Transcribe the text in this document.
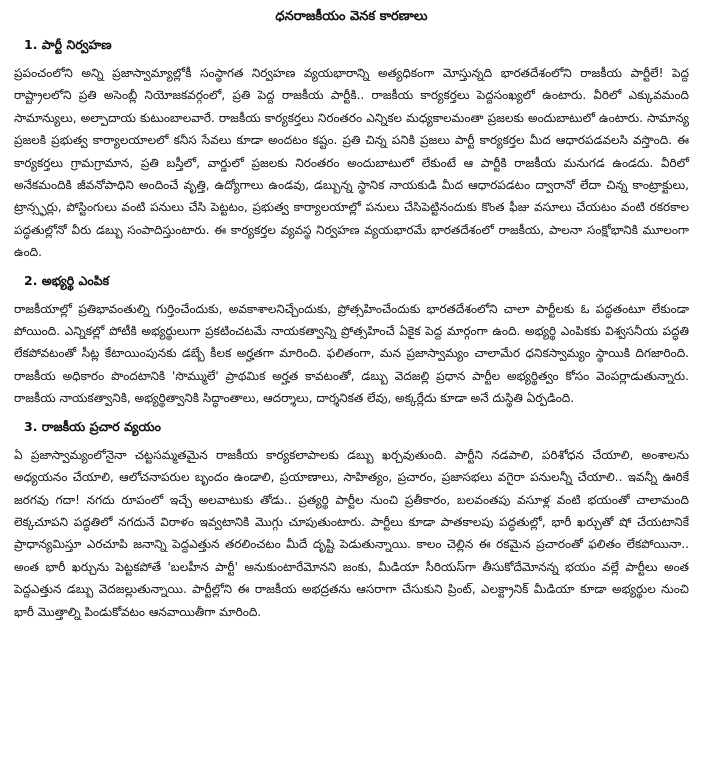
ధనరాజకీయం వెనక కారణాలు
1. పార్టీ నిర్వహణ

ప్రపంచంలోని అన్ని ప్రజాస్వామ్యాల్లోకీ సంస్థాగత నిర్వహణ వ్యయభారాన్ని అత్యధికంగా మోస్తున్నది భారతదేశంలోని రాజకీయ పార్టీలే! పెద్ద రాష్ట్రాలలోని ప్రతి అసెంబ్లీ నియోజకవర్గంలో, ప్రతి పెద్ద రాజకీయ పార్టీకి.. రాజకీయ కార్యకర్తలు పెద్దసంఖ్యలో ఉంటారు. వీరిలో ఎక్కువమంది సామాన్యులు, అల్పాదాయ కుటుంబాలవారే. రాజకీయ కార్యకర్తలు నిరంతరం ఎన్నికల మధ్యకాలమంతా ప్రజలకు అందుబాటులో ఉంటారు. సామాన్య ప్రజలకి ప్రభుత్వ కార్యాలయాలలో కనీస సేవలు కూడా అందటం కష్టం. ప్రతి చిన్న పనికి ప్రజలు పార్టీ కార్యకర్తల మీద ఆధారపడవలసి వస్తొంది. ఈ కార్యకర్తలు గ్రామగ్రామాన, ప్రతి బస్తీలో, వార్డులో ప్రజలకు నిరంతరం అందుబాటులో లేకుంటే ఆ పార్టీకి రాజకీయ మనుగడ ఉండదు. వీరిలో అనేకమందికి జీవనోపాధిని అందించే వృత్తి, ఉద్యోగాలు ఉండవు, డబ్బున్న స్థానిక నాయకుడి మీద ఆధారపడటం ద్వారానో లేదా చిన్న కాంట్రాక్టులు, ట్రాన్స్ఫర్లు, పోస్టింగులు వంటి పనులు చేసి పెట్టటం, ప్రభుత్వ కార్యాలయాల్లో పనులు చేసిపెట్టినందుకు కొంత ఫీజు వసూలు చేయటం వంటి రకరకాల పద్ధతుల్లోనో వీరు డబ్బు సంపాదిస్తుంటారు. ఈ కార్యకర్తల వ్యవస్థ నిర్వహణ వ్యయభారమే భారతదేశంలో రాజకీయ, పాలనా సంక్షోభానికి మూలంగా ఉంది.

2. అభ్యర్థి ఎంపిక

రాజకీయాల్లో ప్రతిభావంతుల్ని గుర్తించేందుకు, అవకాశాలనిచ్చేందుకు, ప్రోత్సహించేందుకు భారతదేశంలోని చాలా పార్టీలకు ఓ పద్ధతంటూ లేకుండా పోయింది. ఎన్నికల్లో పోటీకి అభ్యర్థులుగా ప్రకటించటమే నాయకత్వాన్ని ప్రోత్సహించే ఏకైక పెద్ద మార్గంగా ఉంది. అభ్యర్థి ఎంపికకు విశ్వసనీయ పద్ధతి లేకపోవటంతో సీట్ల కేటాయింపునకు డబ్బే కీలక అర్హతగా మారింది. ఫలితంగా, మన ప్రజాస్వామ్యం చాలామేర ధనికస్వామ్యం స్థాయికి దిగజారింది. రాజకీయ అధికారం పొందటానికి 'సొమ్ములే' ప్రాథమిక అర్హత కావటంతో, డబ్బు వెదజల్లి ప్రధాన పార్టీల అభ్యర్థిత్వం కోసం వెంపర్లాడుతున్నారు. రాజకీయ నాయకత్వానికి, అభ్యర్థిత్వానికి సిద్ధాంతాలు, ఆదర్శాలు, దార్శనికత లేవు, అక్కర్లేదు కూడా అనే దుస్థితి ఏర్పడింది.

3. రాజకీయ ప్రచార వ్యయం

ఏ ప్రజాస్వామ్యంలోనైనా చట్టసమ్మతమైన రాజకీయ కార్యకలాపాలకు డబ్బు ఖర్చవుతుంది. పార్టీని నడపాలి, పరిశోధన చేయాలి, అంశాలను అధ్యయనం చేయాలి, ఆలోచనాపరుల బృందం ఉండాలి, ప్రయాణాలు, సాహిత్యం, ప్రచారం, ప్రజాసభలు వగైరా పనులన్నీ చేయాలి.. ఇవన్నీ ఊరికే జరగవు గదా! నగదు రూపంలో ఇచ్చే అలవాటుకు తోడు.. ప్రత్యర్థి పార్టీల నుంచి ప్రతీకారం, బలవంతపు వసూళ్ల వంటి భయంతో చాలామంది లెక్కచూపని పద్ధతిలో నగదునే విరాళం ఇవ్వటానికి మొగ్గు చూపుతుంటారు. పార్టీలు కూడా పాతకాలపు పద్ధతుల్లో, భారీ ఖర్చుతో షో చేయటానికే ప్రాధాన్యమిస్తూ ఎరచూపి జనాన్ని పెద్దఎత్తున తరలించటం మీదే దృష్టి పెడుతున్నాయి. కాలం చెల్లిన ఈ రకమైన ప్రచారంతో ఫలితం లేకపోయినా.. అంత భారీ ఖర్చును పెట్టకపోతే 'బలహీన పార్టీ' అనుకుంటారేమోనని జంకు, మీడియా సీరియస్‌గా తీసుకోదేమోనన్న భయం వల్లే పార్టీలు అంత పెద్దఎత్తున డబ్బు వెదజల్లుతున్నాయి. పార్టీల్లోని ఈ రాజకీయ అభద్రతను ఆసరాగా చేసుకుని ప్రింట్, ఎలక్ట్రానిక్ మీడియా కూడా అభ్యర్థుల నుంచి భారీ మొత్తాల్ని పిండుకోవటం ఆనవాయితీగా మారింది.
